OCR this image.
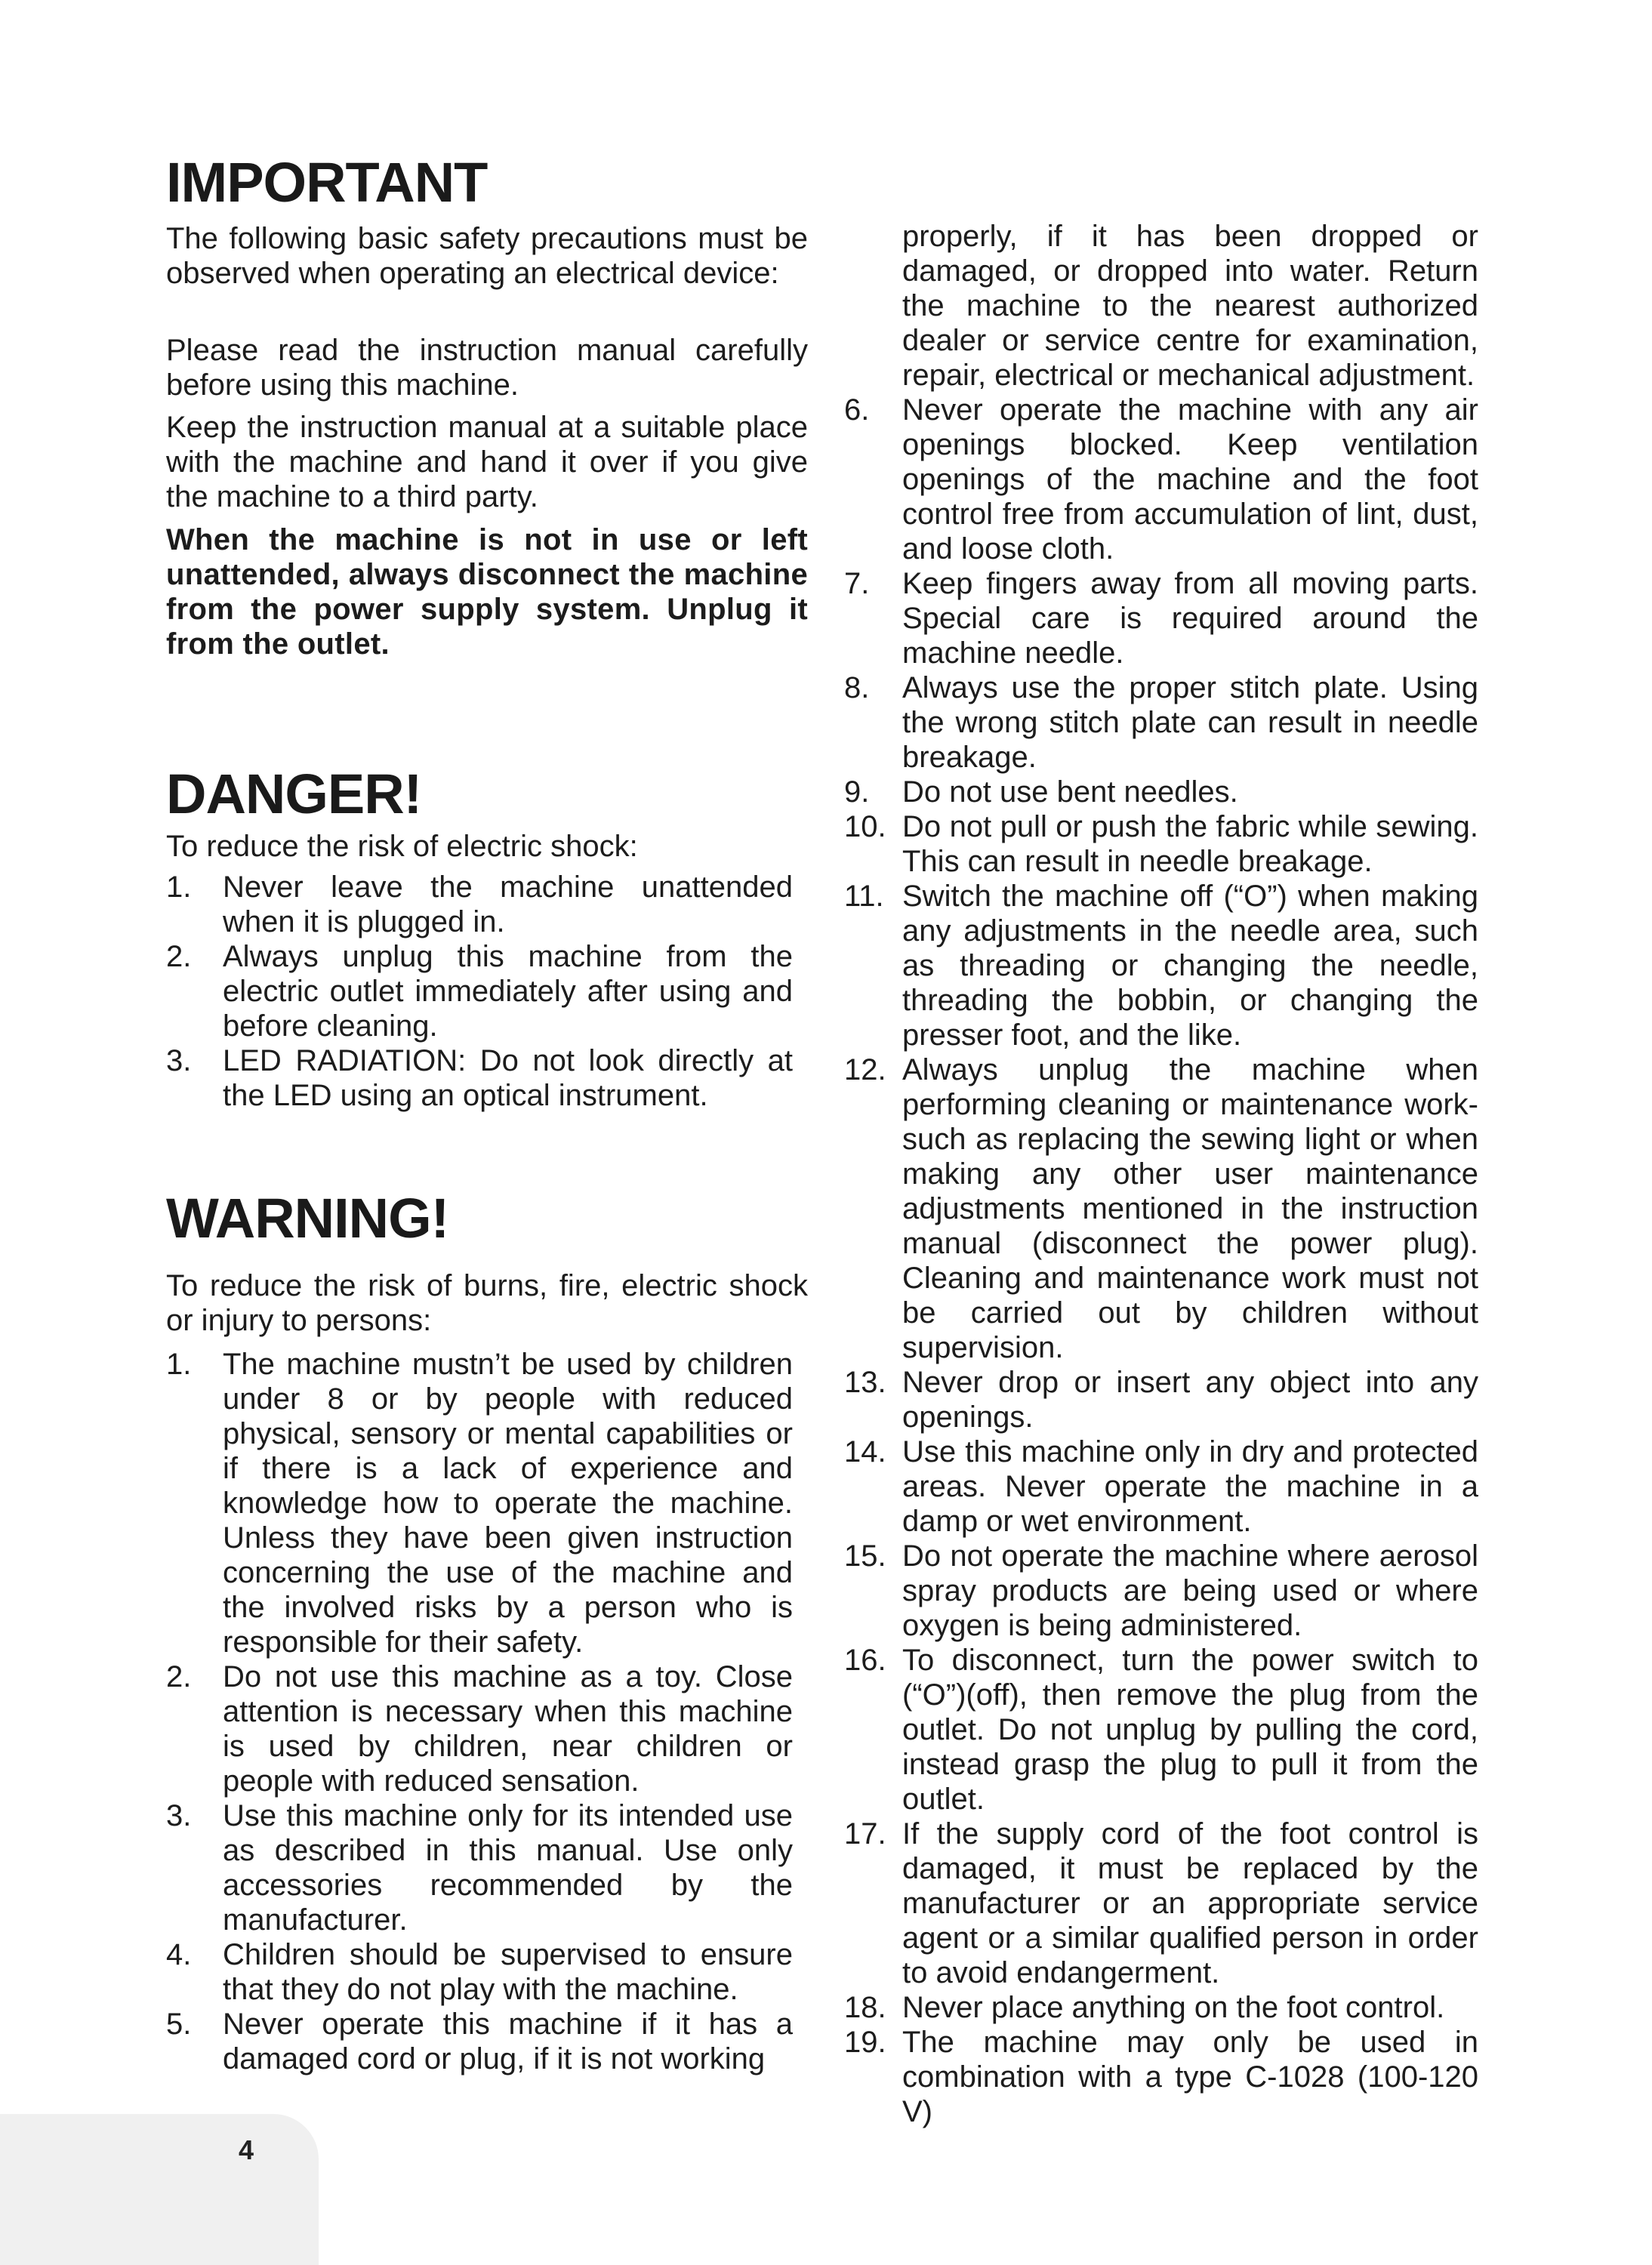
IMPORTANT

The following basic safety precautions must be observed when operating an electrical device:

Please read the instruction manual carefully before using this machine.

Keep the instruction manual at a suitable place with the machine and hand it over if you give the machine to a third party.

When the machine is not in use or left unattended, always disconnect the machine from the power supply system. Unplug it from the outlet.

DANGER!

To reduce the risk of electric shock:

1. Never leave the machine unattended when it is plugged in.
2. Always unplug this machine from the electric outlet immediately after using and before cleaning.
3. LED RADIATION: Do not look directly at the LED using an optical instrument.
WARNING!

To reduce the risk of burns, fire, electric shock or injury to persons:

1. The machine mustn’t be used by children under 8 or by people with reduced physical, sensory or mental capabilities or if there is a lack of experience and knowledge how to operate the machine. Unless they have been given instruction concerning the use of the machine and the involved risks by a person who is responsible for their safety.
2. Do not use this machine as a toy. Close attention is necessary when this machine is used by children, near children or people with reduced sensation.
3. Use this machine only for its intended use as described in this manual. Use only accessories recommended by the manufacturer.
4. Children should be supervised to ensure that they do not play with the machine.
5. Never operate this machine if it has a damaged cord or plug, if it is not working

properly, if it has been dropped or damaged, or dropped into water. Return the machine to the nearest authorized dealer or service centre for examination, repair, electrical or mechanical adjustment.

6. Never operate the machine with any air openings blocked. Keep ventilation openings of the machine and the foot control free from accumulation of lint, dust, and loose cloth.
7. Keep fingers away from all moving parts. Special care is required around the machine needle.
8. Always use the proper stitch plate. Using the wrong stitch plate can result in needle breakage.
9. Do not use bent needles.
10. Do not pull or push the fabric while sewing. This can result in needle breakage.
11. Switch the machine off (“O”) when making any adjustments in the needle area, such as threading or changing the needle, threading the bobbin, or changing the presser foot, and the like.
12. Always unplug the machine when performing cleaning or maintenance work- such as replacing the sewing light or when making any other user maintenance adjustments mentioned in the instruction manual (disconnect the power plug). Cleaning and maintenance work must not be carried out by children without supervision.
13. Never drop or insert any object into any openings.
14. Use this machine only in dry and protected areas. Never operate the machine in a damp or wet environment.
15. Do not operate the machine where aerosol spray products are being used or where oxygen is being administered.
16. To disconnect, turn the power switch to (“O”)(off), then remove the plug from the outlet. Do not unplug by pulling the cord, instead grasp the plug to pull it from the outlet.
17. If the supply cord of the foot control is damaged, it must be replaced by the manufacturer or an appropriate service agent or a similar qualified person in order to avoid endangerment.
18. Never place anything on the foot control.
19. The machine may only be used in combination with a type C-1028 (100-120 V)
4
